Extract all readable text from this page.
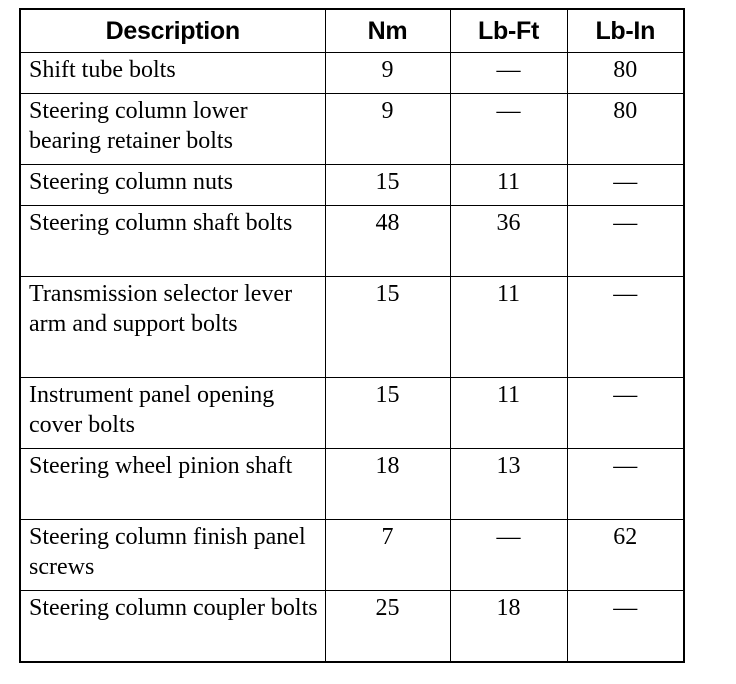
Description	Nm	Lb-Ft	Lb-In
Shift tube bolts	9	—	80
Steering column lower bearing retainer bolts	9	—	80
Steering column nuts	15	11	—
Steering column shaft bolts	48	36	—
Transmission selector lever arm and support bolts	15	11	—
Instrument panel opening cover bolts	15	11	—
Steering wheel pinion shaft	18	13	—
Steering column finish panel screws	7	—	62
Steering column coupler bolts	25	18	—
